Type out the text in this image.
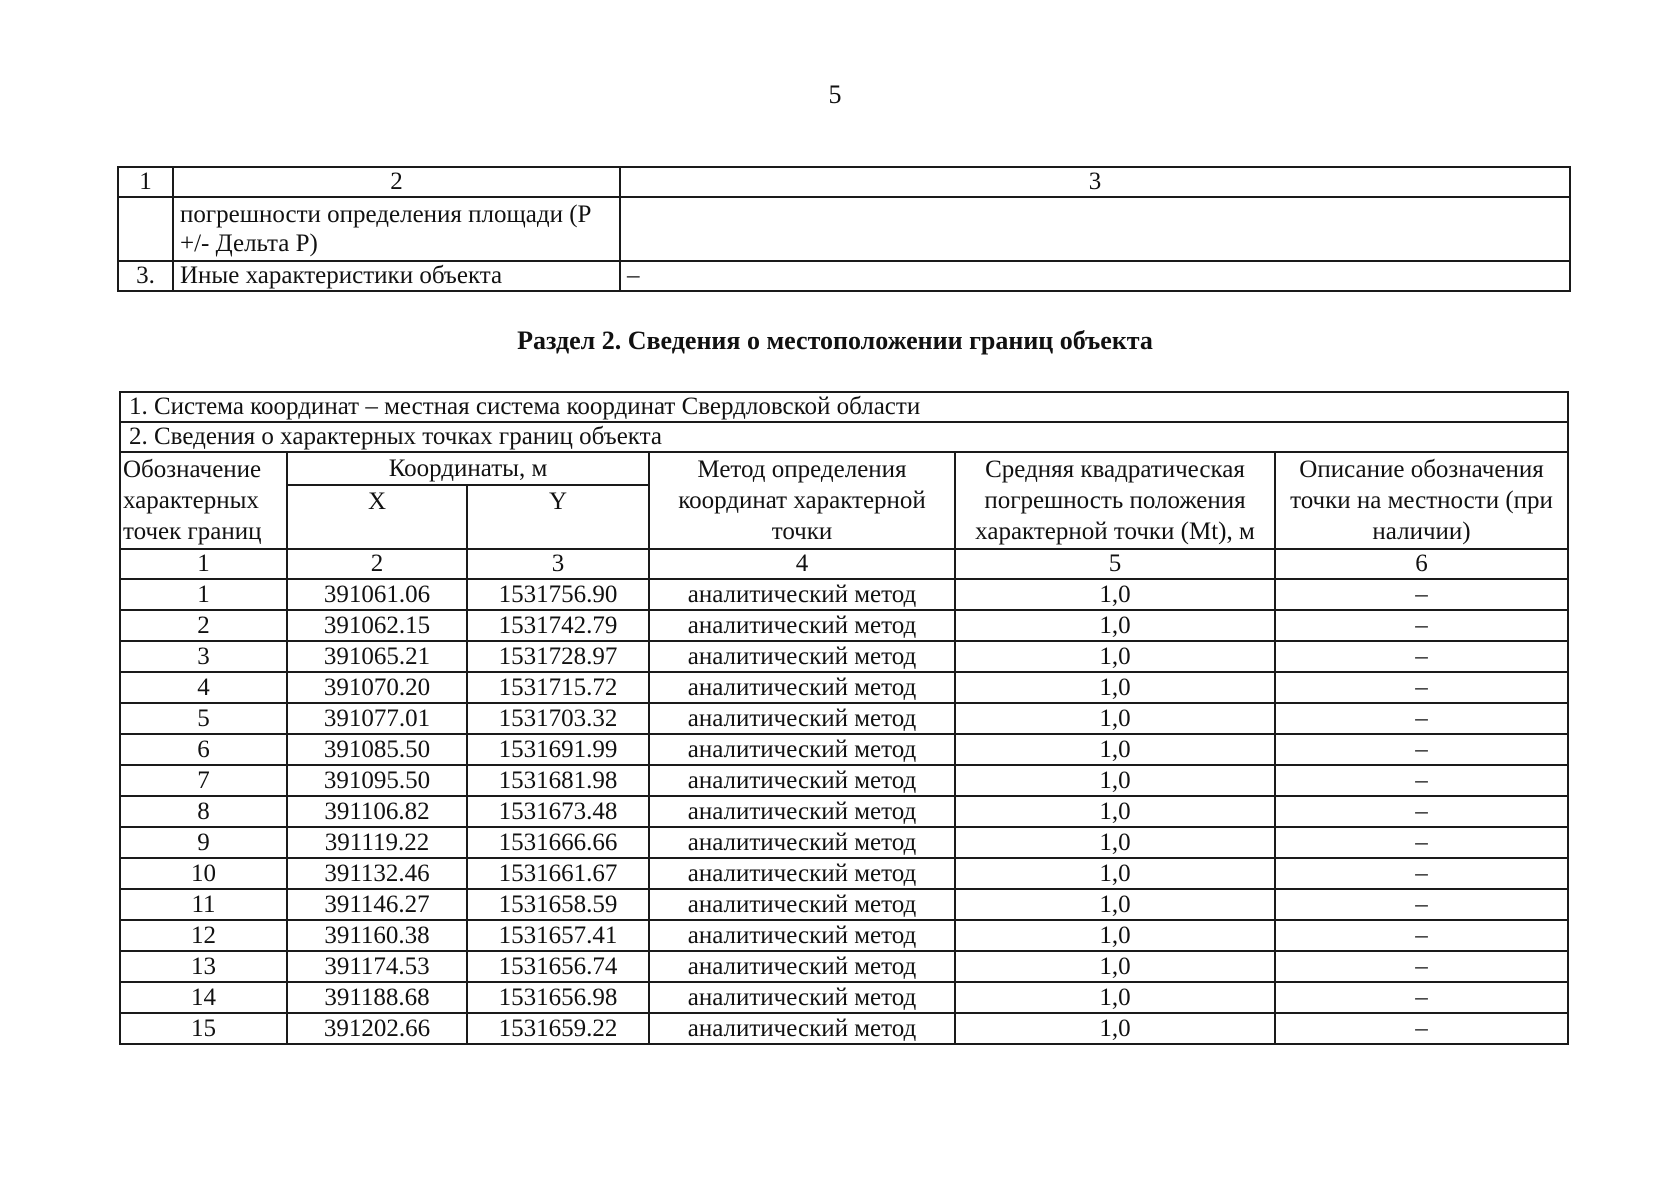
5
1	2	3
	погрешности определения площади (Р +/- Дельта Р)	
3.	Иные характеристики объекта	–
Раздел 2. Сведения о местоположении границ объекта
1. Система координат – местная система координат Свердловской области					
2. Сведения о характерных точках границ объекта					
Обозначение характерных точек границ	Координаты, м		Метод определения координат характерной точки	Средняя квадратическая погрешность положения характерной точки (Mt), м	Описание обозначения точки на местности (при наличии)
	X	Y			
1	2	3	4	5	6
1	391061.06	1531756.90	аналитический метод	1,0	–
2	391062.15	1531742.79	аналитический метод	1,0	–
3	391065.21	1531728.97	аналитический метод	1,0	–
4	391070.20	1531715.72	аналитический метод	1,0	–
5	391077.01	1531703.32	аналитический метод	1,0	–
6	391085.50	1531691.99	аналитический метод	1,0	–
7	391095.50	1531681.98	аналитический метод	1,0	–
8	391106.82	1531673.48	аналитический метод	1,0	–
9	391119.22	1531666.66	аналитический метод	1,0	–
10	391132.46	1531661.67	аналитический метод	1,0	–
11	391146.27	1531658.59	аналитический метод	1,0	–
12	391160.38	1531657.41	аналитический метод	1,0	–
13	391174.53	1531656.74	аналитический метод	1,0	–
14	391188.68	1531656.98	аналитический метод	1,0	–
15	391202.66	1531659.22	аналитический метод	1,0	–
